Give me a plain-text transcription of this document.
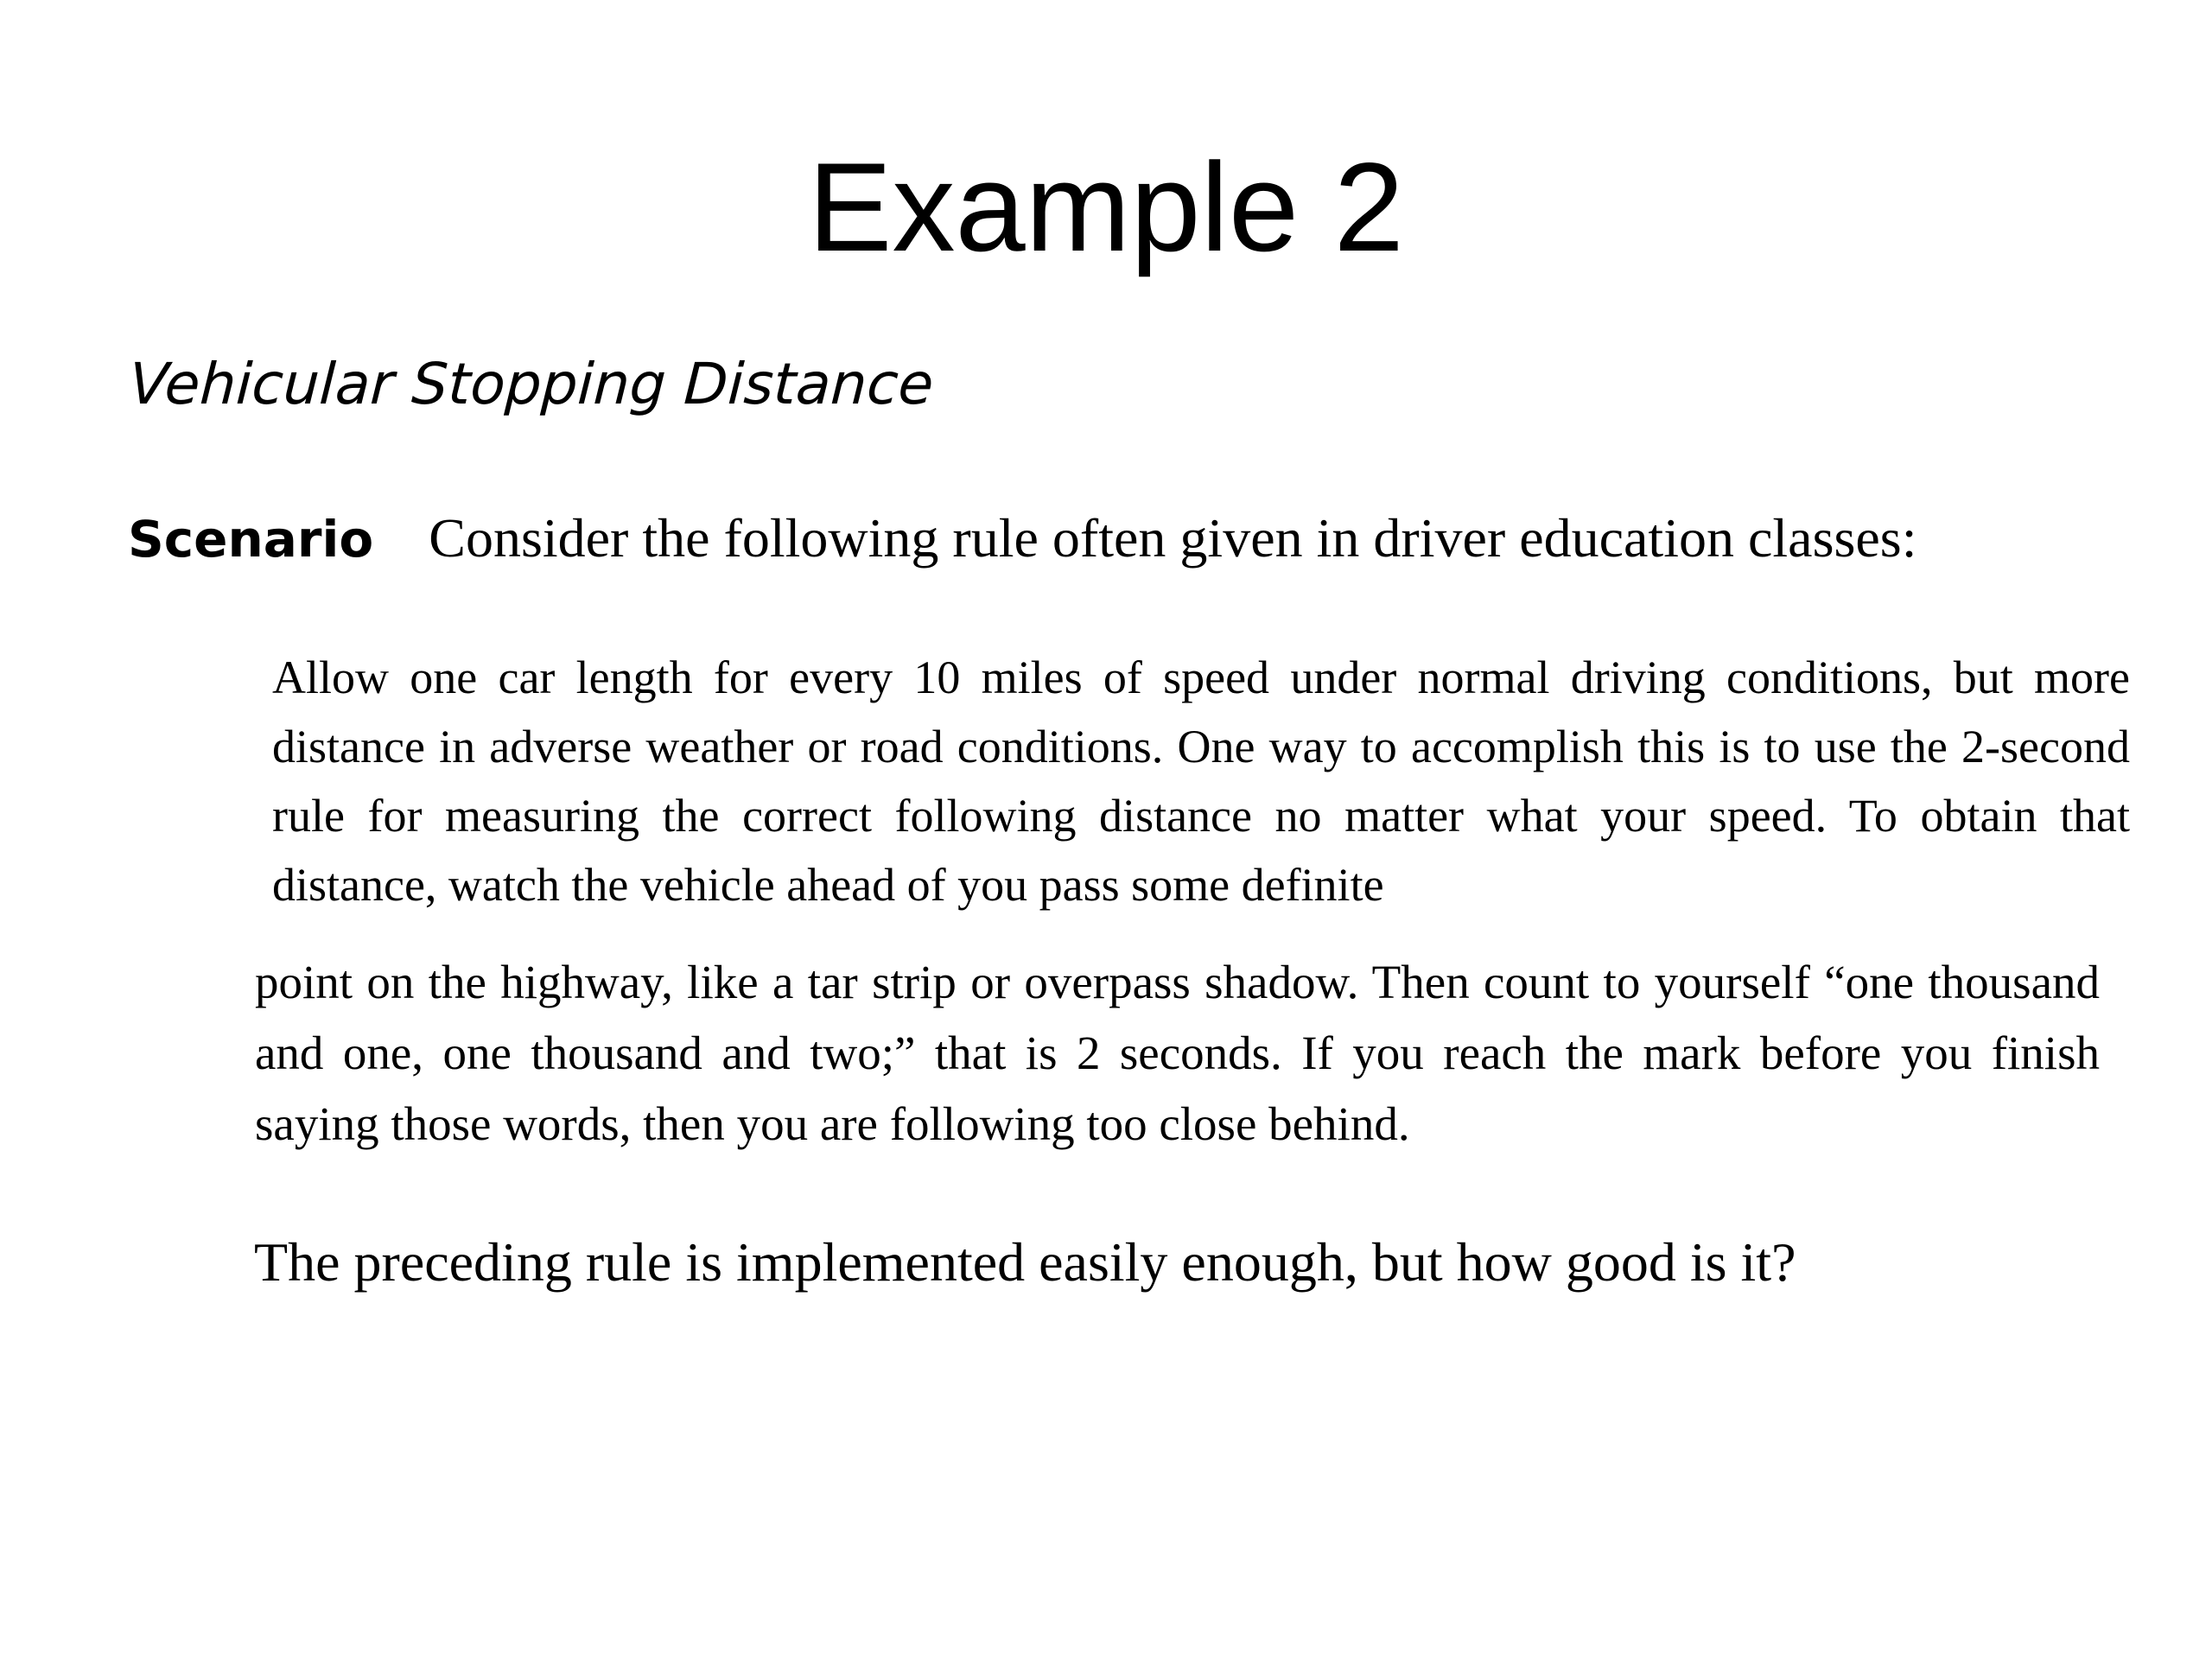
Example 2
Vehicular Stopping Distance
Scenario Consider the following rule often given in driver education classes:
Allow one car length for every 10 miles of speed under normal driving conditions, but more distance in adverse weather or road conditions. One way to accomplish this is to use the 2-second rule for measuring the correct following distance no matter what your speed. To obtain that distance, watch the vehicle ahead of you pass some definite
point on the highway, like a tar strip or overpass shadow. Then count to yourself “one thousand and one, one thousand and two;” that is 2 seconds. If you reach the mark before you finish saying those words, then you are following too close behind.
The preceding rule is implemented easily enough, but how good is it?
